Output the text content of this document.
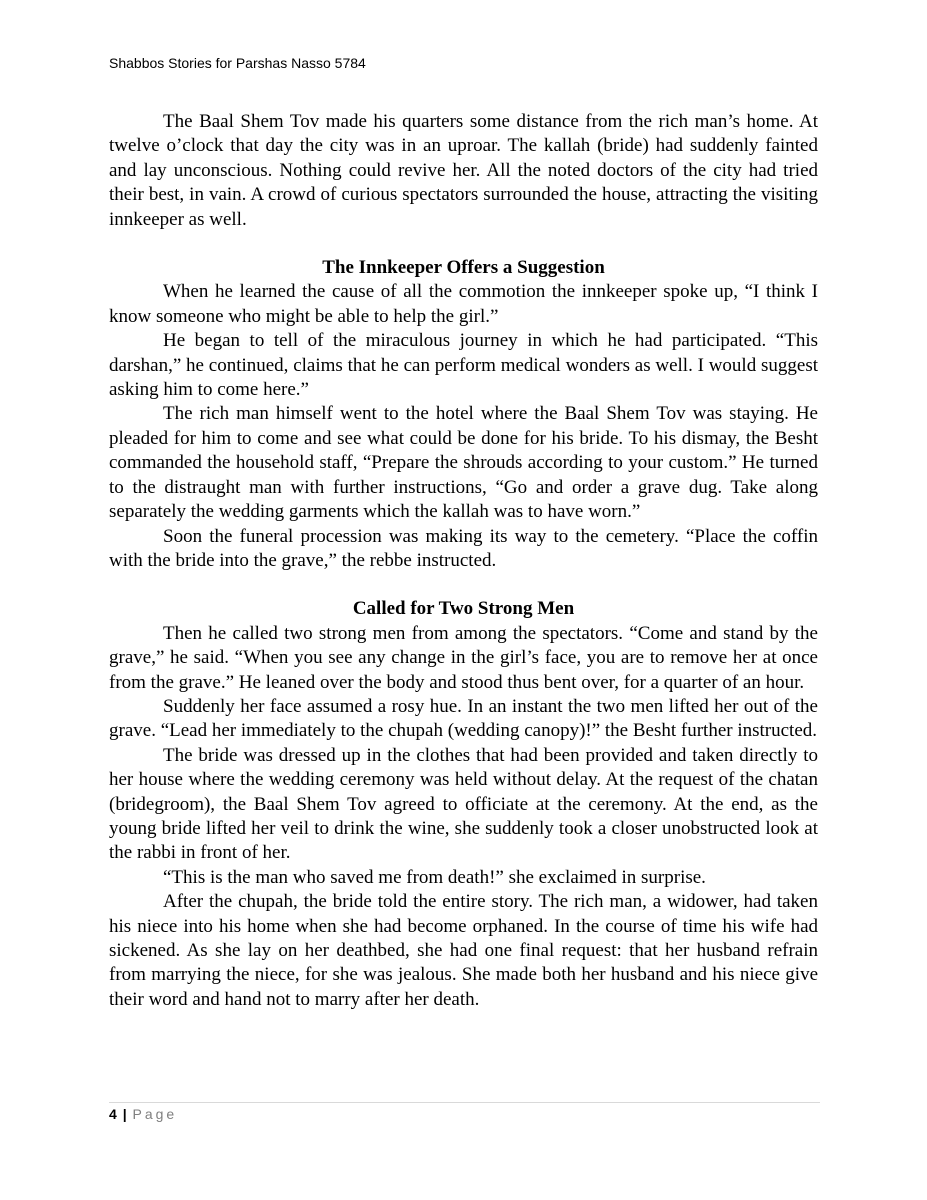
Shabbos Stories for Parshas Nasso 5784

The Baal Shem Tov made his quarters some distance from the rich man’s home. At twelve o’clock that day the city was in an uproar. The kallah (bride) had suddenly fainted and lay unconscious. Nothing could revive her. All the noted doctors of the city had tried their best, in vain. A crowd of curious spectators surrounded the house, attracting the visiting innkeeper as well.

The Innkeeper Offers a Suggestion

When he learned the cause of all the commotion the innkeeper spoke up, “I think I know someone who might be able to help the girl.”

He began to tell of the miraculous journey in which he had participated. “This darshan,” he continued, claims that he can perform medical wonders as well. I would suggest asking him to come here.”

The rich man himself went to the hotel where the Baal Shem Tov was staying. He pleaded for him to come and see what could be done for his bride. To his dismay, the Besht commanded the household staff, “Prepare the shrouds according to your custom.” He turned to the distraught man with further instructions, “Go and order a grave dug. Take along separately the wedding garments which the kallah was to have worn.”

Soon the funeral procession was making its way to the cemetery. “Place the coffin with the bride into the grave,” the rebbe instructed.

Called for Two Strong Men

Then he called two strong men from among the spectators. “Come and stand by the grave,” he said. “When you see any change in the girl’s face, you are to remove her at once from the grave.” He leaned over the body and stood thus bent over, for a quarter of an hour.

Suddenly her face assumed a rosy hue. In an instant the two men lifted her out of the grave. “Lead her immediately to the chupah (wedding canopy)!” the Besht further instructed.

The bride was dressed up in the clothes that had been provided and taken directly to her house where the wedding ceremony was held without delay. At the request of the chatan (bridegroom), the Baal Shem Tov agreed to officiate at the ceremony. At the end, as the young bride lifted her veil to drink the wine, she suddenly took a closer unobstructed look at the rabbi in front of her.

“This is the man who saved me from death!” she exclaimed in surprise.

After the chupah, the bride told the entire story. The rich man, a widower, had taken his niece into his home when she had become orphaned. In the course of time his wife had sickened. As she lay on her deathbed, she had one final request: that her husband refrain from marrying the niece, for she was jealous. She made both her husband and his niece give their word and hand not to marry after her death.

4 | Page
